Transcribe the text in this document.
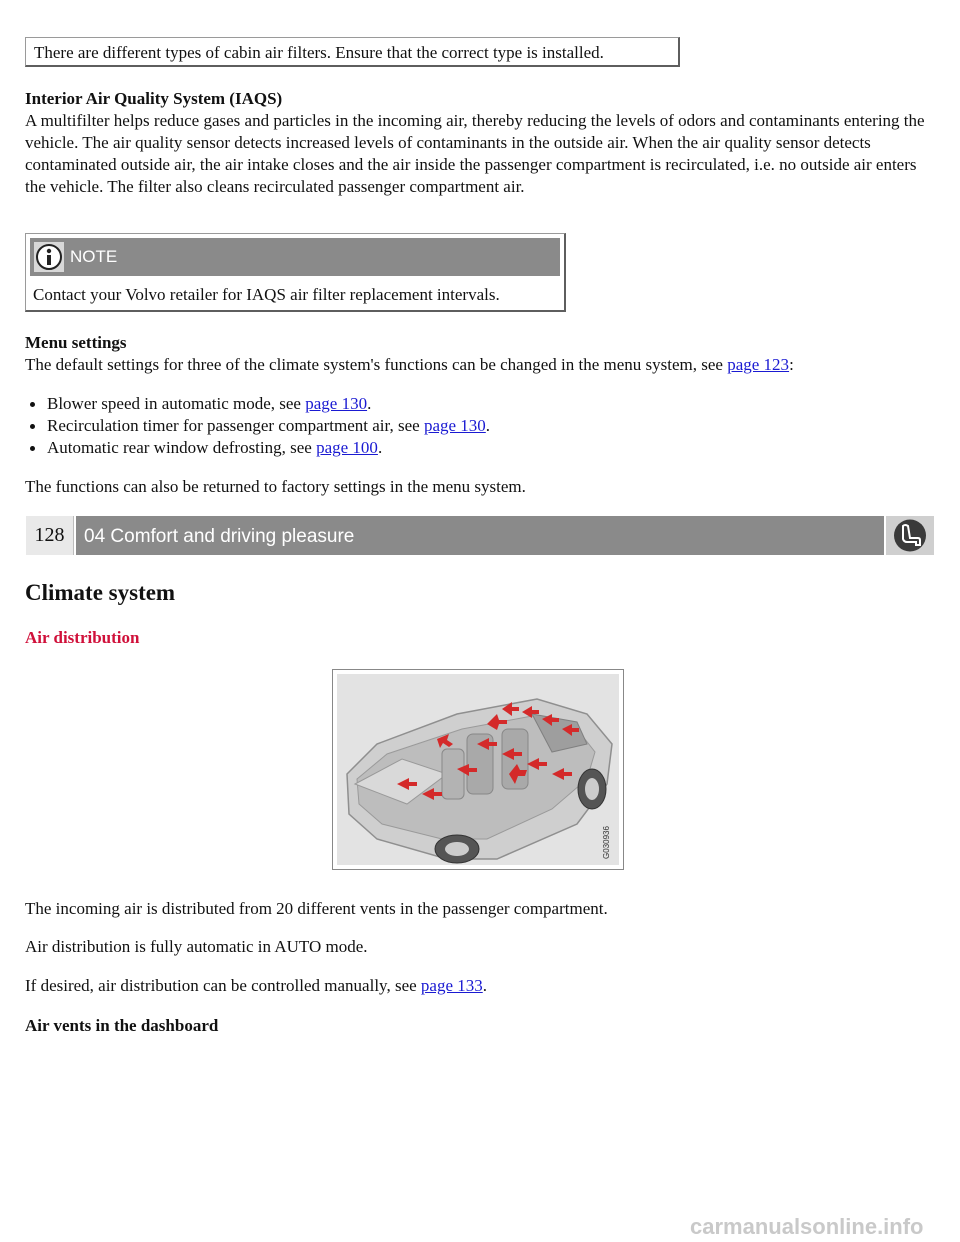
There are different types of cabin air filters. Ensure that the correct type is installed.

Interior Air Quality System (IAQS)

A multifilter helps reduce gases and particles in the incoming air, thereby reducing the levels of odors and contaminants entering the vehicle. The air quality sensor detects increased levels of contaminants in the outside air. When the air quality sensor detects contaminated outside air, the air intake closes and the air inside the passenger compartment is recirculated, i.e. no outside air enters the vehicle. The filter also cleans recirculated passenger compartment air.

NOTE
Contact your Volvo retailer for IAQS air filter replacement intervals.

Menu settings

The default settings for three of the climate system's functions can be changed in the menu system, see page 123:

Blower speed in automatic mode, see page 130.
Recirculation timer for passenger compartment air, see page 130.
Automatic rear window defrosting, see page 100.

The functions can also be returned to factory settings in the menu system.

128	04 Comfort and driving pleasure
Climate system
Air distribution
G030936

The incoming air is distributed from 20 different vents in the passenger compartment.

Air distribution is fully automatic in AUTO mode.

If desired, air distribution can be controlled manually, see page 133.

Air vents in the dashboard

carmanualsonline.info
